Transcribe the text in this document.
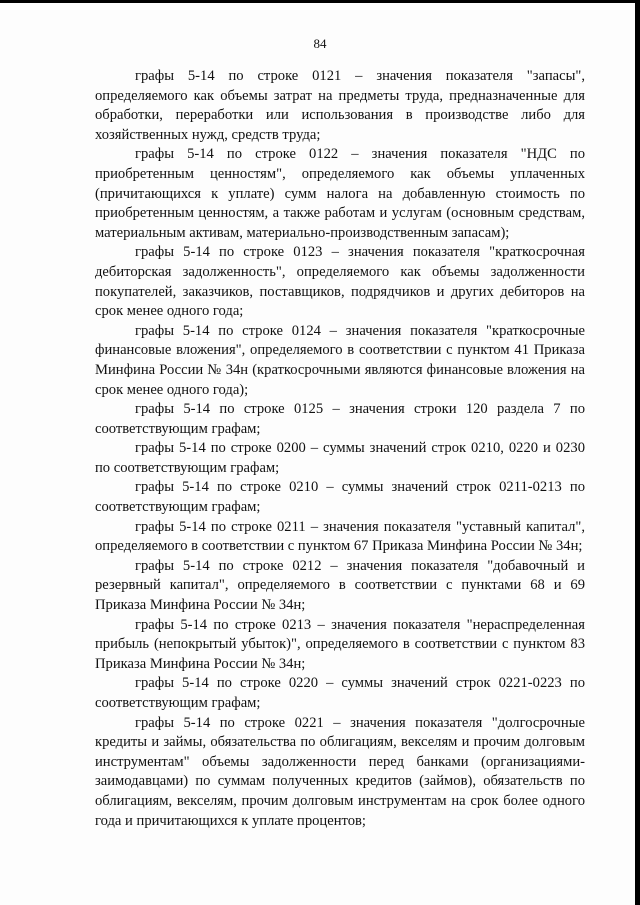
84

графы 5-14 по строке 0121 – значения показателя "запасы", определяемого как объемы затрат на предметы труда, предназначенные для обработки, переработки или использования в производстве либо для хозяйственных нужд, средств труда;

графы 5-14 по строке 0122 – значения показателя "НДС по приобретенным ценностям", определяемого как объемы уплаченных (причитающихся к уплате) сумм налога на добавленную стоимость по приобретенным ценностям, а также работам и услугам (основным средствам, материальным активам, материально-производственным запасам);

графы 5-14 по строке 0123 – значения показателя "краткосрочная дебиторская задолженность", определяемого как объемы задолженности покупателей, заказчиков, поставщиков, подрядчиков и других дебиторов на срок менее одного года;

графы 5-14 по строке 0124 – значения показателя "краткосрочные финансовые вложения", определяемого в соответствии с пунктом 41 Приказа Минфина России № 34н (краткосрочными являются финансовые вложения на срок менее одного года);

графы 5-14 по строке 0125 – значения строки 120 раздела 7 по соответствующим графам;

графы 5-14 по строке 0200 – суммы значений строк 0210, 0220 и 0230 по соответствующим графам;

графы 5-14 по строке 0210 – суммы значений строк 0211-0213 по соответствующим графам;

графы 5-14 по строке 0211 – значения показателя "уставный капитал", определяемого в соответствии с пунктом 67 Приказа Минфина России № 34н;

графы 5-14 по строке 0212 – значения показателя "добавочный и резервный капитал", определяемого в соответствии с пунктами 68 и 69 Приказа Минфина России № 34н;

графы 5-14 по строке 0213 – значения показателя "нераспределенная прибыль (непокрытый убыток)", определяемого в соответствии с пунктом 83 Приказа Минфина России № 34н;

графы 5-14 по строке 0220 – суммы значений строк 0221-0223 по соответствующим графам;

графы 5-14 по строке 0221 – значения показателя "долгосрочные кредиты и займы, обязательства по облигациям, векселям и прочим долговым инструментам" объемы задолженности перед банками (организациями-заимодавцами) по суммам полученных кредитов (займов), обязательств по облигациям, векселям, прочим долговым инструментам на срок более одного года и причитающихся к уплате процентов;
